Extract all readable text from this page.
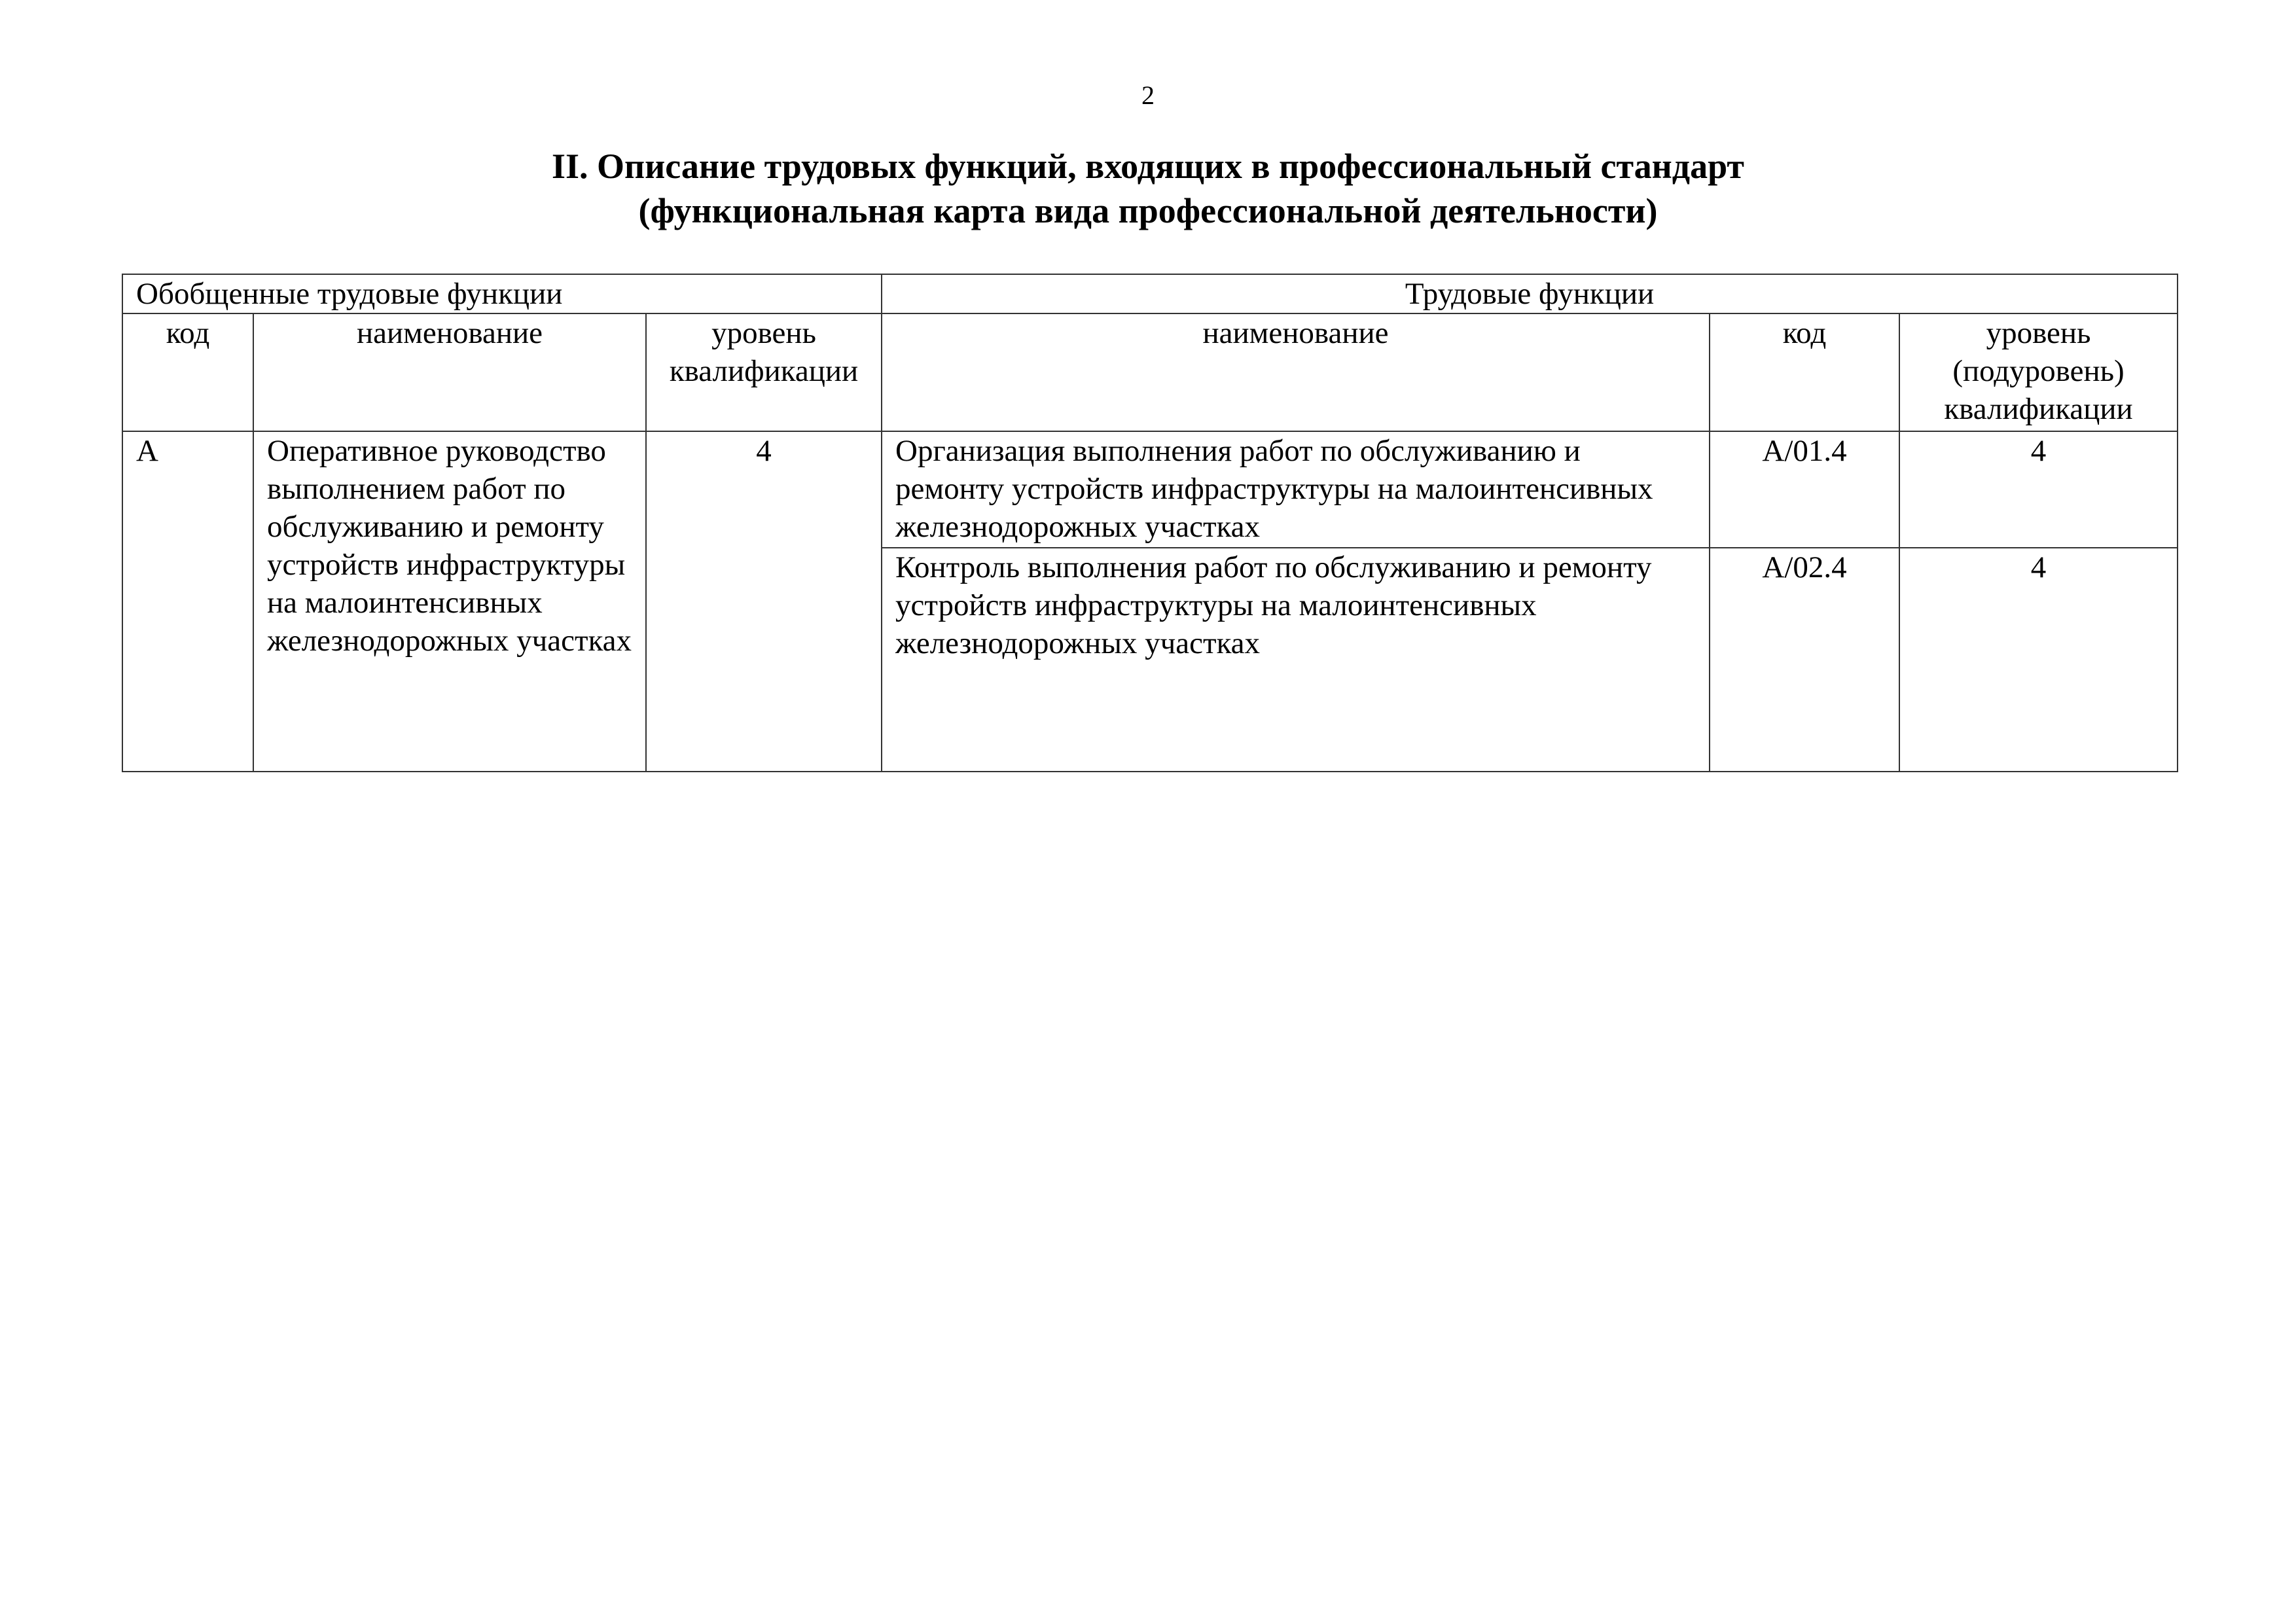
2
II. Описание трудовых функций, входящих в профессиональный стандарт
(функциональная карта вида профессиональной деятельности)
Обобщенные трудовые функции			Трудовые функции		
код	наименование	уровень квалификации	наименование	код	уровень (подуровень) квалификации
А	Оперативное руководство выполнением работ по обслуживанию и ремонту устройств инфраструктуры на малоинтенсивных железнодорожных участках	4	Организация выполнения работ по обслуживанию и ремонту устройств инфраструктуры на малоинтенсивных железнодорожных участках	А/01.4	4
			Контроль выполнения работ по обслуживанию и ремонту устройств инфраструктуры на малоинтенсивных железнодорожных участках	А/02.4	4
